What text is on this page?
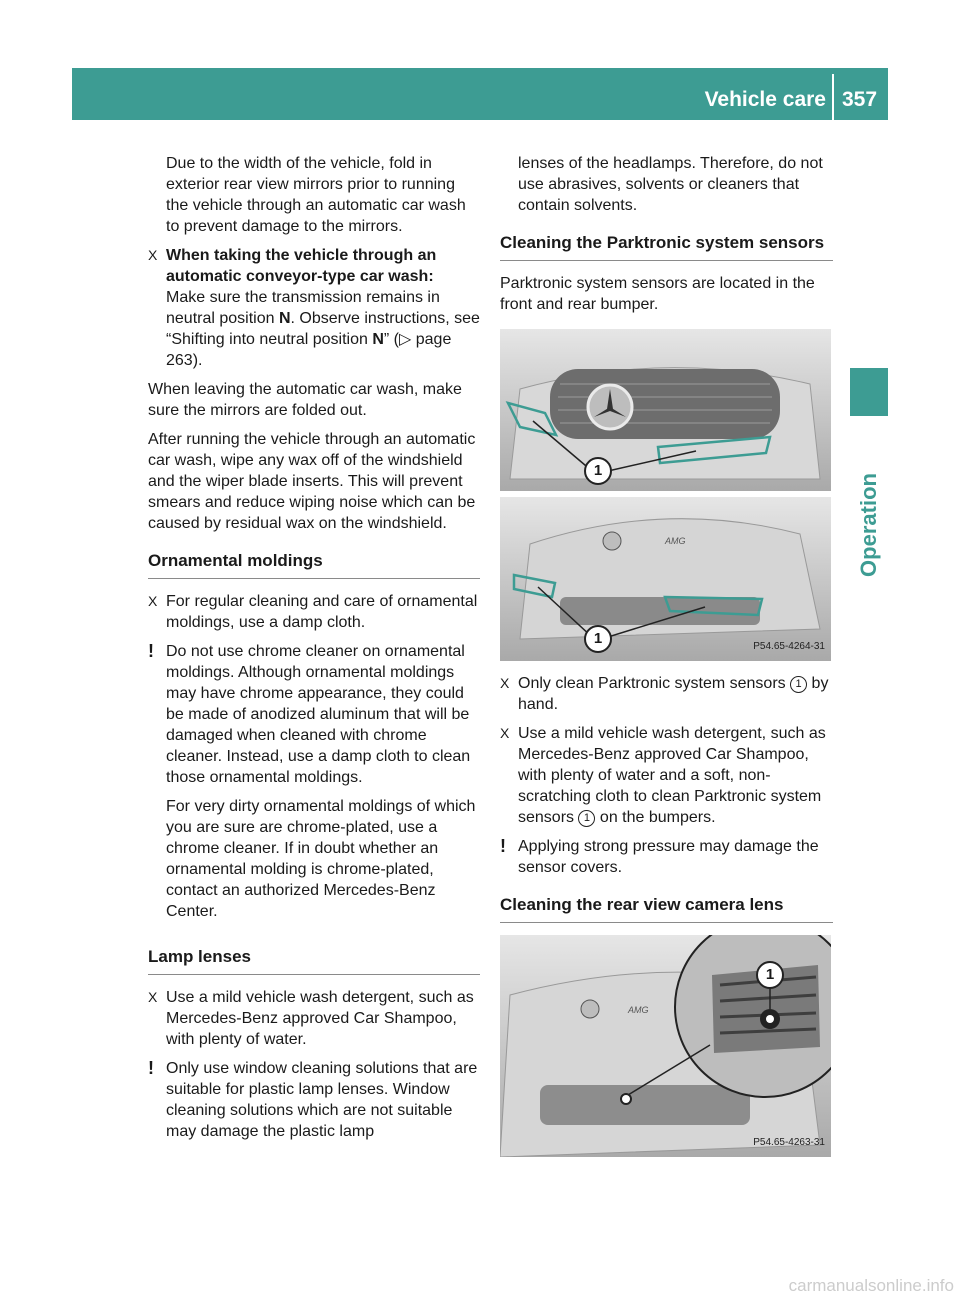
Vehicle care 357
Operation

Due to the width of the vehicle, fold in exterior rear view mirrors prior to running the vehicle through an automatic car wash to prevent damage to the mirrors.

X When taking the vehicle through an automatic conveyor-type car wash:
Make sure the transmission remains in neutral position N. Observe instructions, see “Shifting into neutral position N” (▷ page 263).

When leaving the automatic car wash, make sure the mirrors are folded out.

After running the vehicle through an automatic car wash, wipe any wax off of the windshield and the wiper blade inserts. This will prevent smears and reduce wiping noise which can be caused by residual wax on the windshield.

Ornamental moldings
X For regular cleaning and care of ornamental moldings, use a damp cloth.
! Do not use chrome cleaner on ornamental moldings. Although ornamental moldings may have chrome appearance, they could be made of anodized aluminum that will be damaged when cleaned with chrome cleaner. Instead, use a damp cloth to clean those ornamental moldings.

For very dirty ornamental moldings of which you are sure are chrome-plated, use a chrome cleaner. If in doubt whether an ornamental molding is chrome-plated, contact an authorized Mercedes-Benz Center.

Lamp lenses
X Use a mild vehicle wash detergent, such as Mercedes-Benz approved Car Shampoo, with plenty of water.
! Only use window cleaning solutions that are suitable for plastic lamp lenses. Window cleaning solutions which are not suitable may damage the plastic lamp

lenses of the headlamps. Therefore, do not use abrasives, solvents or cleaners that contain solvents.

Cleaning the Parktronic system sensors

Parktronic system sensors are located in the front and rear bumper.

AMG
1
1	P54.65-4264-31
X Only clean Parktronic system sensors 1 by hand.
X Use a mild vehicle wash detergent, such as Mercedes-Benz approved Car Shampoo, with plenty of water and a soft, non-scratching cloth to clean Parktronic system sensors 1 on the bumpers.
! Applying strong pressure may damage the sensor covers.
Cleaning the rear view camera lens
AMG
1
P54.65-4263-31
carmanualsonline.info
